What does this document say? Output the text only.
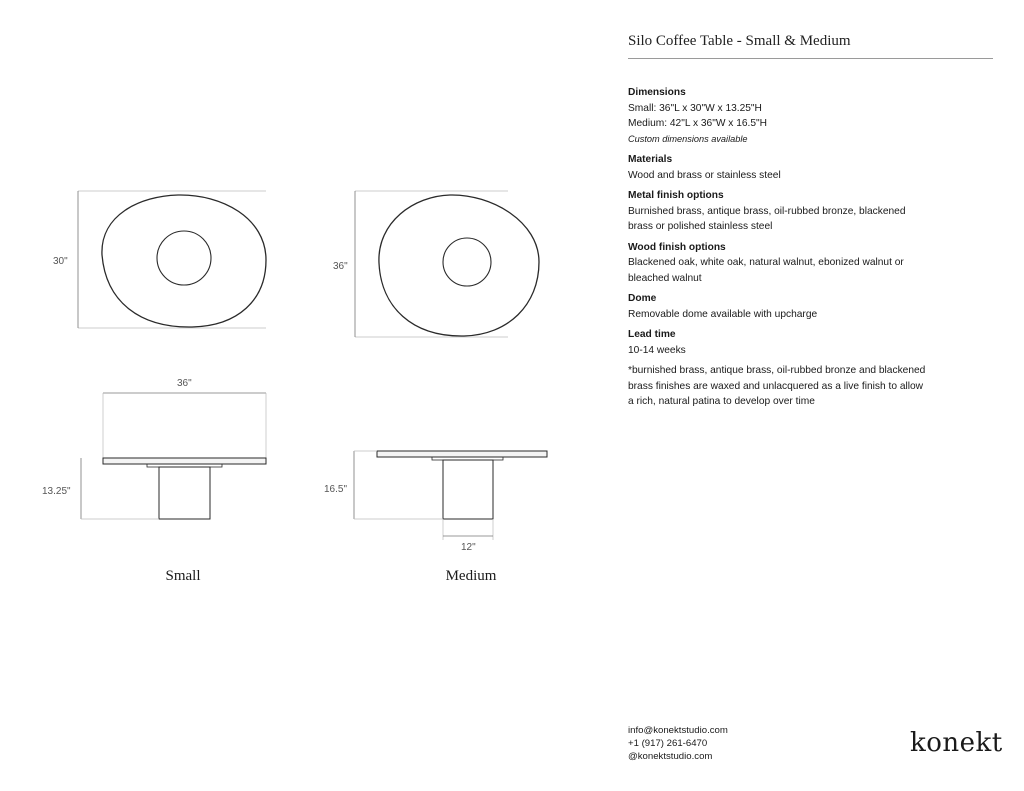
30"	36"
36"
13.25"	16.5"
12"
Small	Medium
Silo Coffee Table - Small & Medium
Dimensions
Small: 36"L x 30"W x 13.25"H
Medium: 42"L x 36"W x 16.5"H
Custom dimensions available
Materials
Wood and brass or stainless steel
Metal finish options
Burnished brass, antique brass, oil-rubbed bronze, blackened brass or polished stainless steel
Wood finish options
Blackened oak, white oak, natural walnut, ebonized walnut or bleached walnut
Dome
Removable dome available with upcharge
Lead time
10-14 weeks
*burnished brass, antique brass, oil-rubbed bronze and blackened brass finishes are waxed and unlacquered as a live finish to allow a rich, natural patina to develop over time
info@konektstudio.com
+1 (917) 261-6470
@konektstudio.com	konekt
